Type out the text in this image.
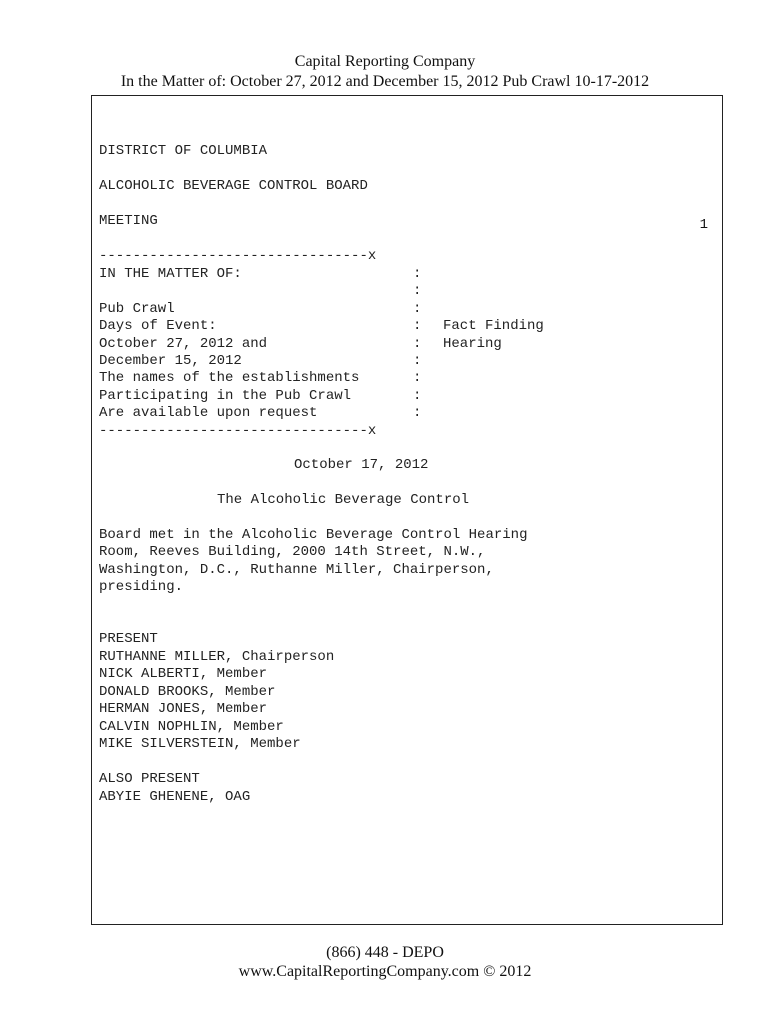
Capital Reporting Company
In the Matter of: October 27, 2012 and December 15, 2012 Pub Crawl 10-17-2012
1
DISTRICT OF COLUMBIA
ALCOHOLIC BEVERAGE CONTROL BOARD
MEETING
--------------------------------x
IN THE MATTER OF:	:
:
Pub Crawl	:
Days of Event:	: Fact Finding
October 27, 2012 and	: Hearing
December 15, 2012	:
The names of the establishments	:
Participating in the Pub Crawl	:
Are available upon request	:
--------------------------------x
October 17, 2012
The Alcoholic Beverage Control
Board met in the Alcoholic Beverage Control Hearing
Room, Reeves Building, 2000 14th Street, N.W.,
Washington, D.C., Ruthanne Miller, Chairperson,
presiding.
PRESENT
RUTHANNE MILLER, Chairperson
NICK ALBERTI, Member
DONALD BROOKS, Member
HERMAN JONES, Member
CALVIN NOPHLIN, Member
MIKE SILVERSTEIN, Member
ALSO PRESENT
ABYIE GHENENE, OAG
(866) 448 - DEPO
www.CapitalReportingCompany.com © 2012
